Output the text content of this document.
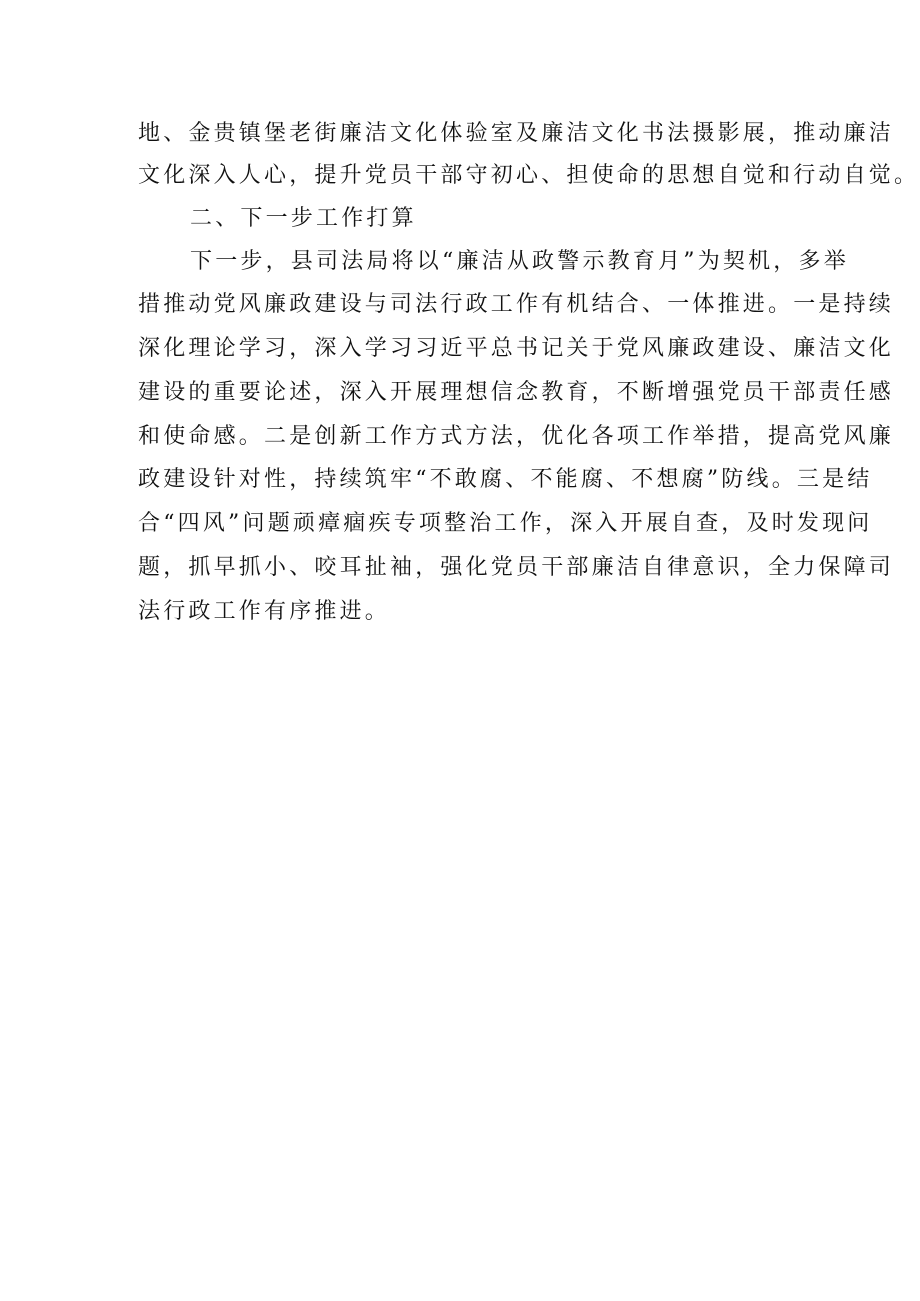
地、金贵镇堡老街廉洁文化体验室及廉洁文化书法摄影展，推动廉洁
文化深入人心，提升党员干部守初心、担使命的思想自觉和行动自觉。
二、下一步工作打算
下一步，县司法局将以“廉洁从政警示教育月”为契机，多举
措推动党风廉政建设与司法行政工作有机结合、一体推进。一是持续
深化理论学习，深入学习习近平总书记关于党风廉政建设、廉洁文化
建设的重要论述，深入开展理想信念教育，不断增强党员干部责任感
和使命感。二是创新工作方式方法，优化各项工作举措，提高党风廉
政建设针对性，持续筑牢“不敢腐、不能腐、不想腐”防线。三是结
合“四风”问题顽瘴痼疾专项整治工作，深入开展自查，及时发现问
题，抓早抓小、咬耳扯袖，强化党员干部廉洁自律意识，全力保障司
法行政工作有序推进。
